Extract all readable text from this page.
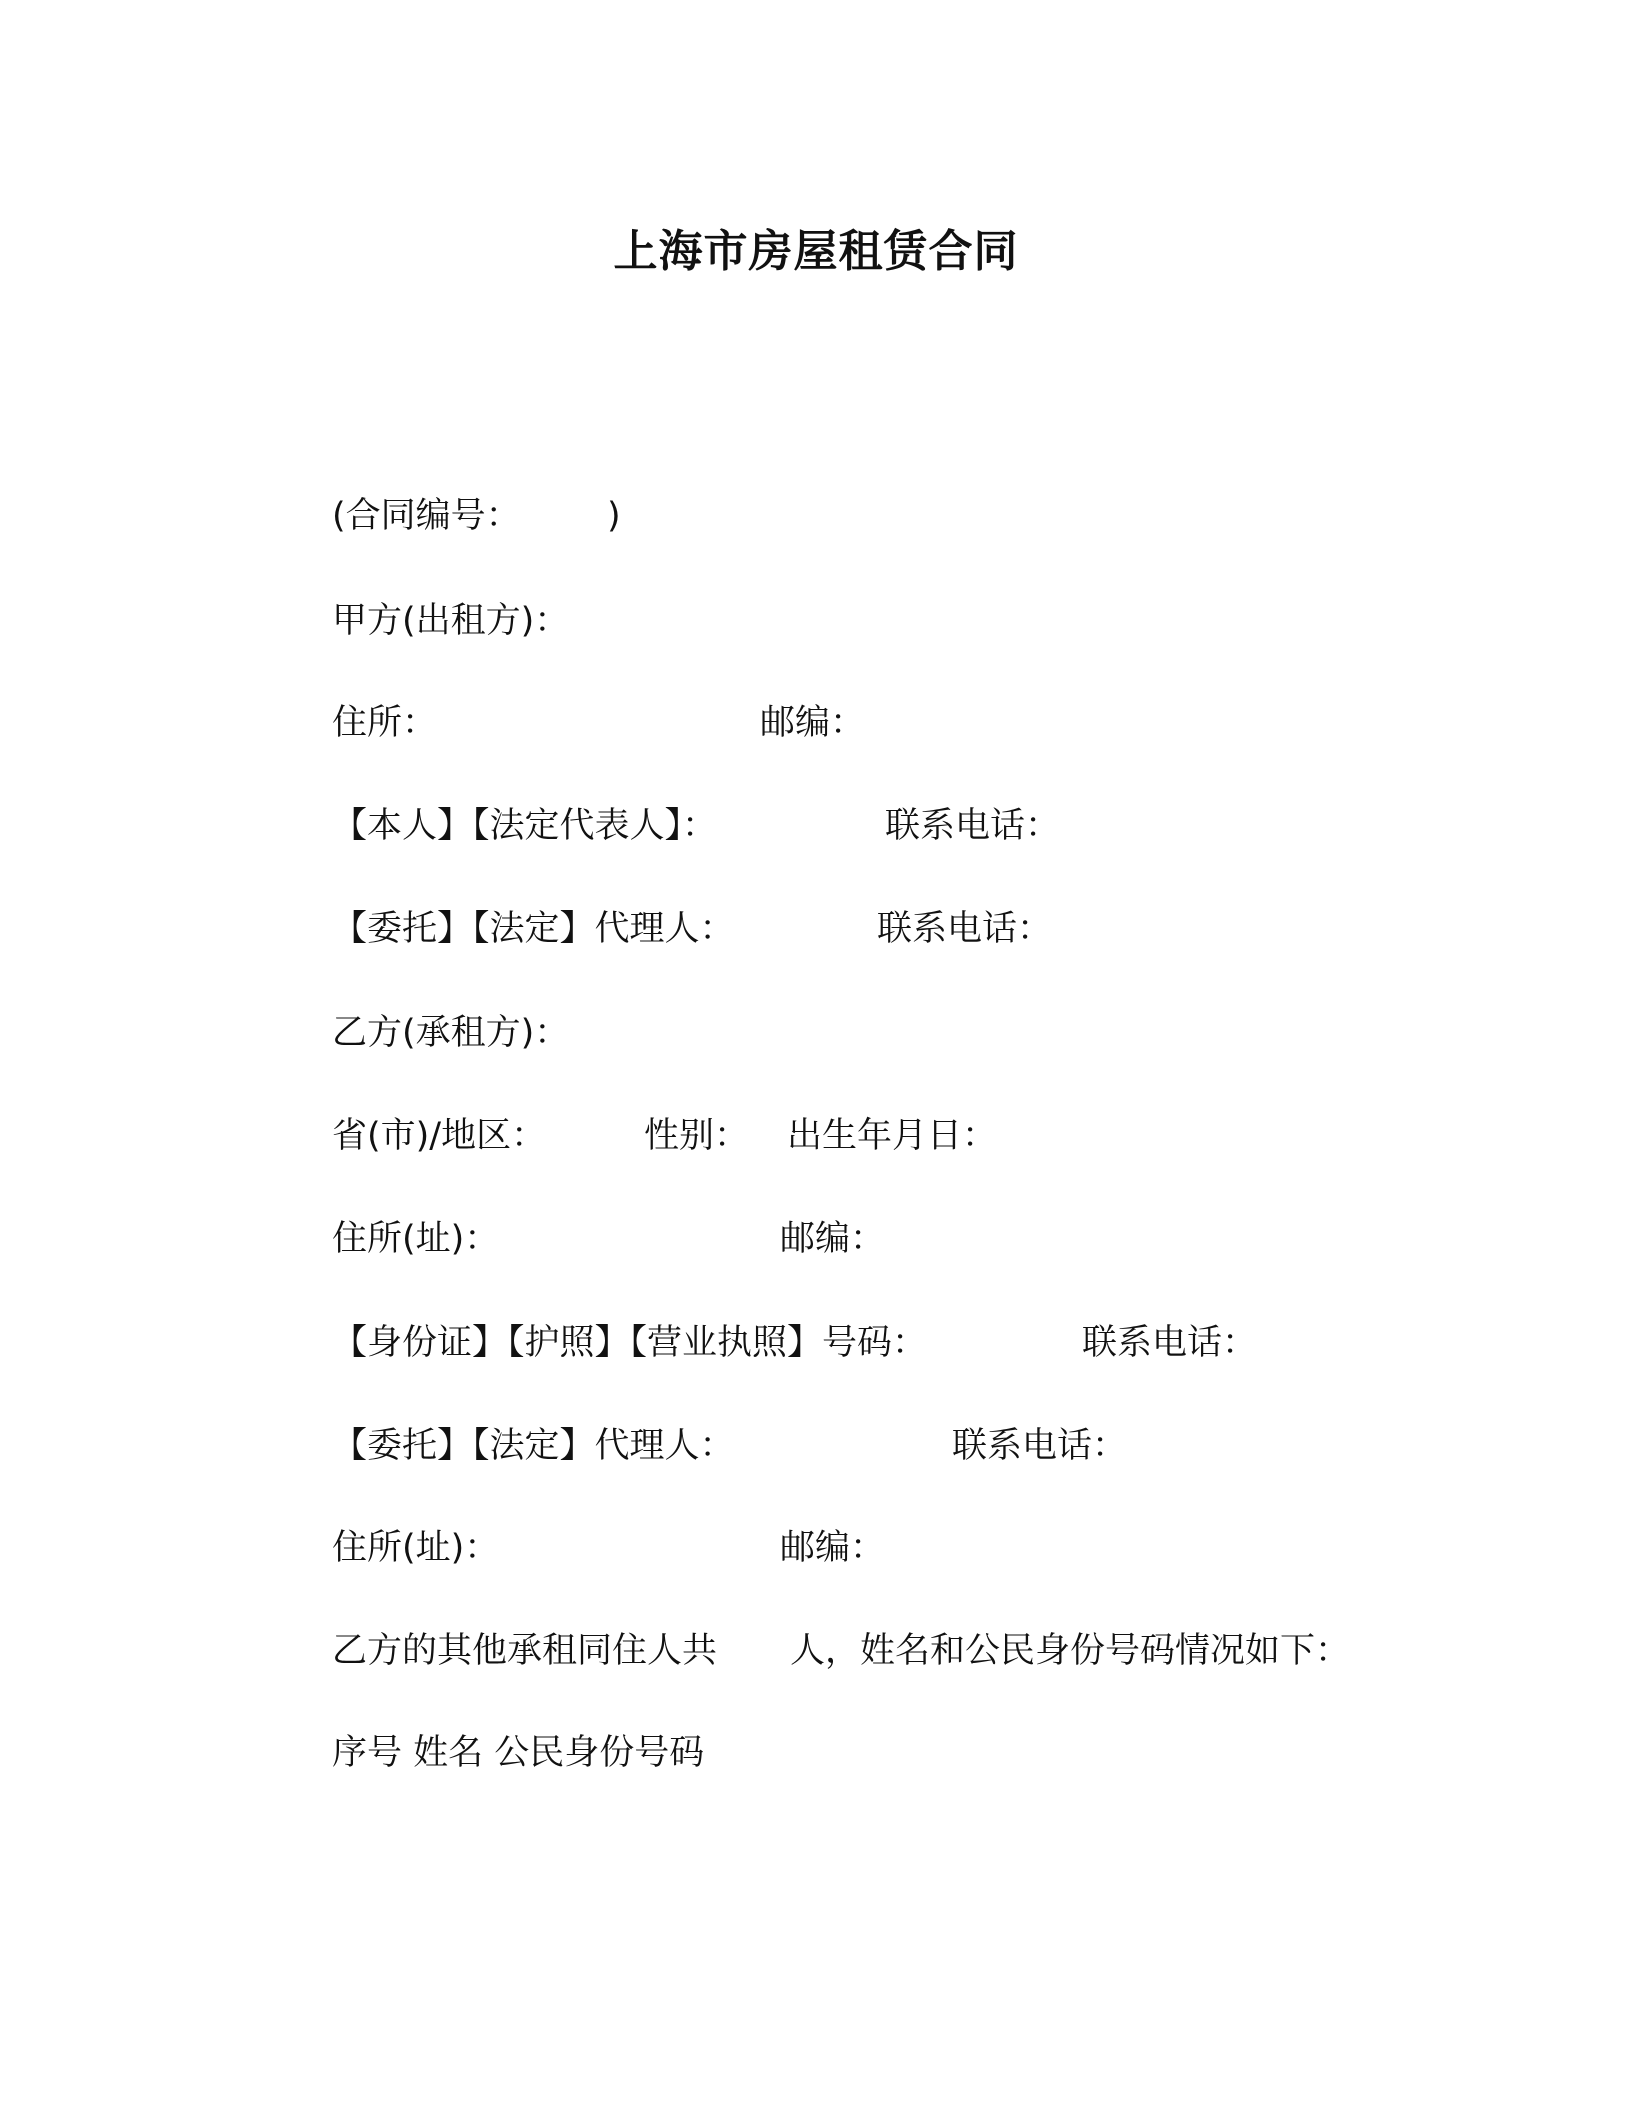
上海市房屋租赁合同
(合同编号： )
甲方(出租方)：
住所：	邮编：
【本人】【法定代表人】：	联系电话：
【委托】【法定】代理人：	联系电话：
乙方(承租方)：
省(市)/地区：	性别： 出生年月日：
住所(址)：	邮编：
【身份证】【护照】【营业执照】号码：	联系电话：
【委托】【法定】代理人：	联系电话：
住所(址)：	邮编：
乙方的其他承租同住人共 人，姓名和公民身份号码情况如下：
序号 姓名 公民身份号码
